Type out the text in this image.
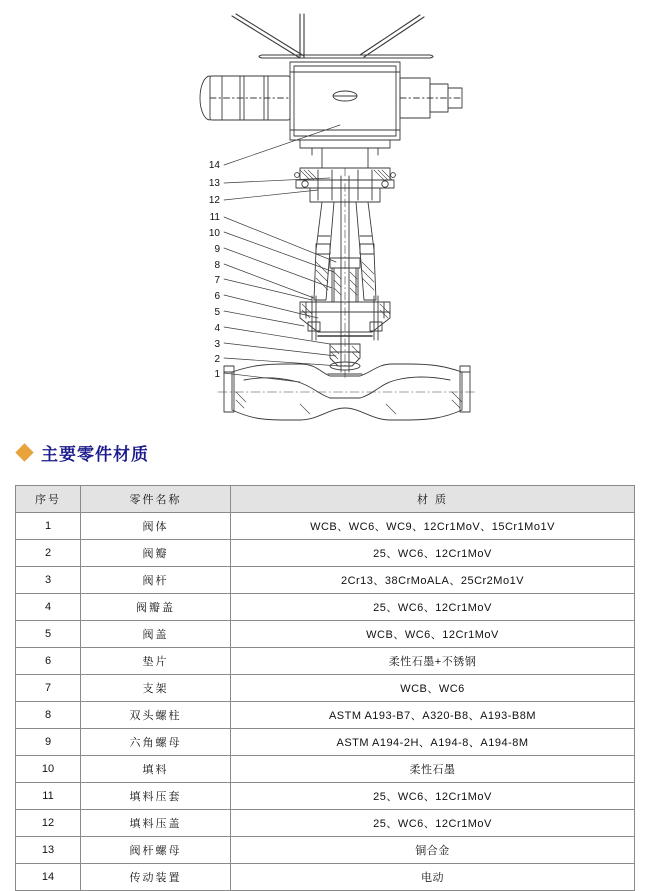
14
13
12
11
10
9
8
7
6
5
4
3
2
1
主要零件材质
序号	零件名称	材 质
1	阀体	WCB、WC6、WC9、12Cr1MoV、15Cr1Mo1V
2	阀瓣	25、WC6、12Cr1MoV
3	阀杆	2Cr13、38CrMoALA、25Cr2Mo1V
4	阀瓣盖	25、WC6、12Cr1MoV
5	阀盖	WCB、WC6、12Cr1MoV
6	垫片	柔性石墨+不锈钢
7	支架	WCB、WC6
8	双头螺柱	ASTM A193-B7、A320-B8、A193-B8M
9	六角螺母	ASTM A194-2H、A194-8、A194-8M
10	填料	柔性石墨
11	填料压套	25、WC6、12Cr1MoV
12	填料压盖	25、WC6、12Cr1MoV
13	阀杆螺母	铜合金
14	传动装置	电动
